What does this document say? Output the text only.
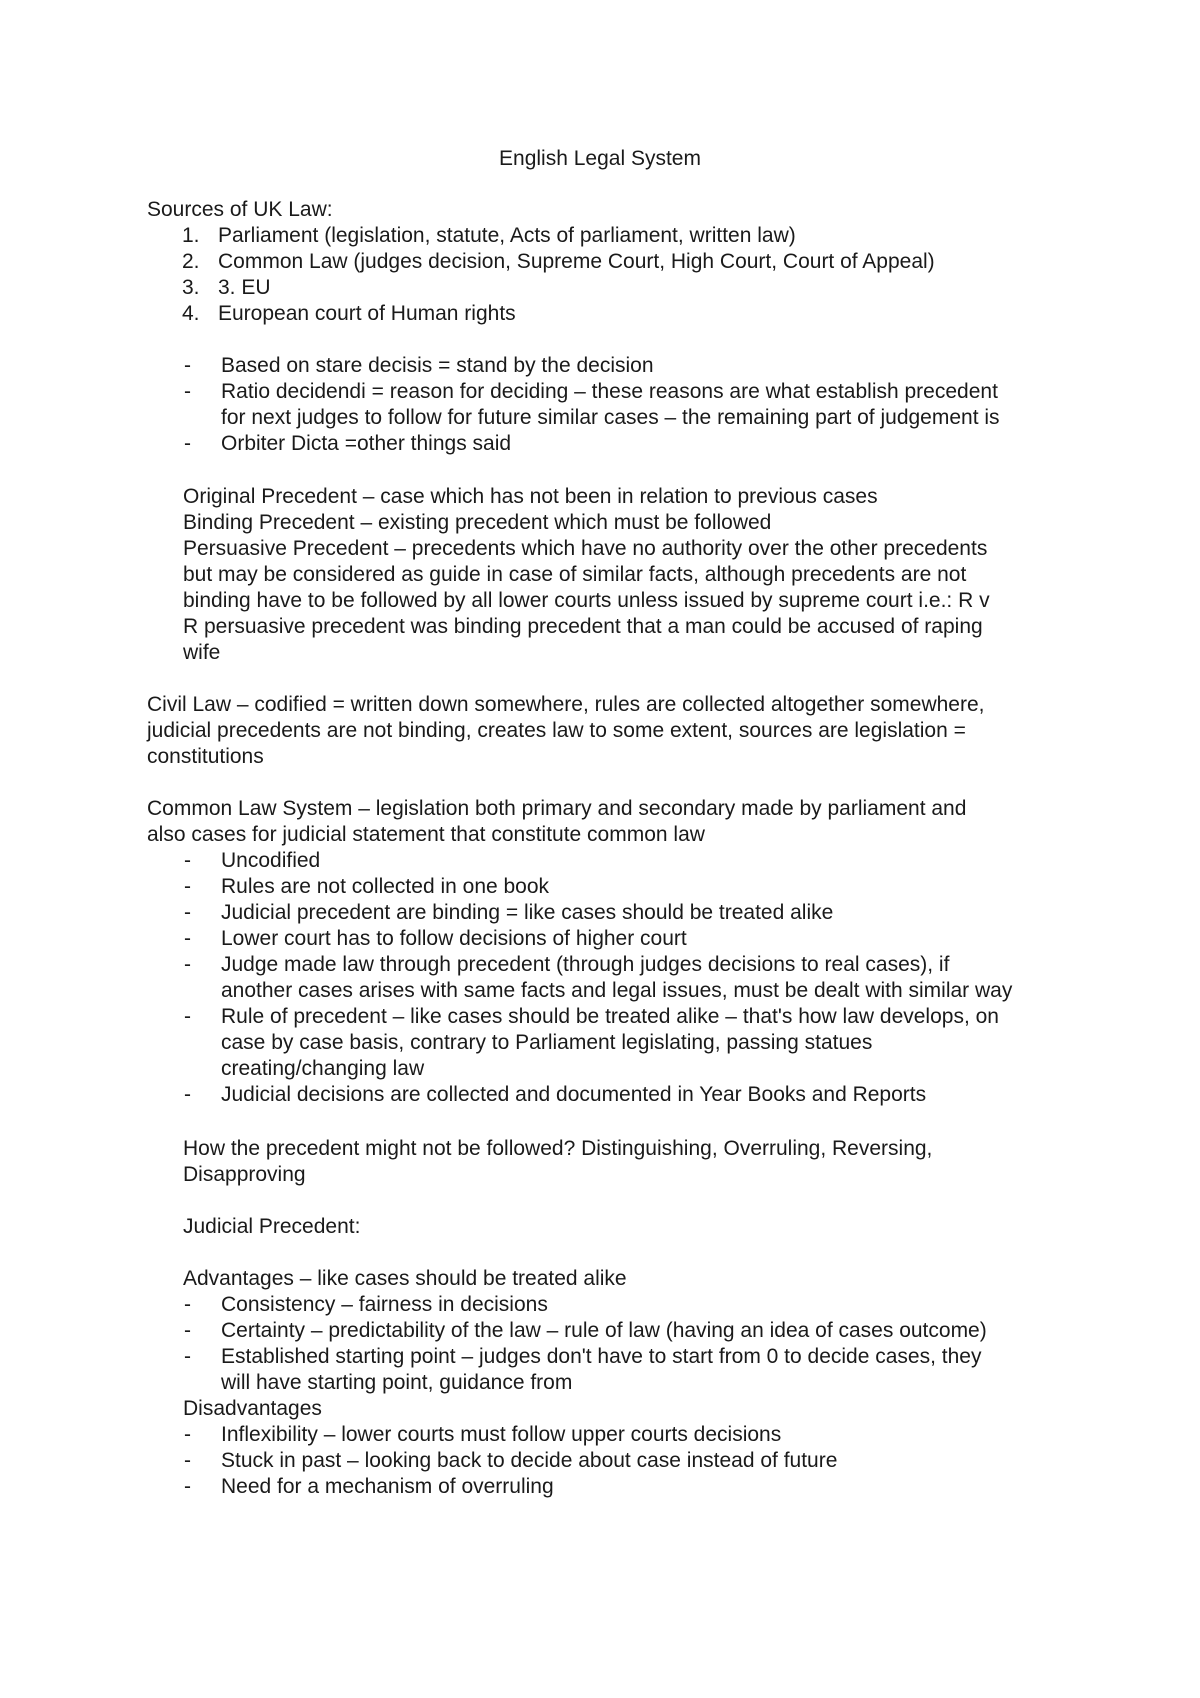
English Legal System

Sources of UK Law:

1. Parliament (legislation, statute, Acts of parliament, written law)
2. Common Law (judges decision, Supreme Court, High Court, Court of Appeal)
3. 3. EU
4. European court of Human rights
-	Based on stare decisis = stand by the decision
-	Ratio decidendi = reason for deciding – these reasons are what establish precedent
for next judges to follow for future similar cases – the remaining part of judgement is
-	Orbiter Dicta =other things said

Original Precedent – case which has not been in relation to previous cases

Binding Precedent – existing precedent which must be followed

Persuasive Precedent – precedents which have no authority over the other precedents

but may be considered as guide in case of similar facts, although precedents are not

binding have to be followed by all lower courts unless issued by supreme court i.e.: R v

R persuasive precedent was binding precedent that a man could be accused of raping

wife

Civil Law – codified = written down somewhere, rules are collected altogether somewhere,

judicial precedents are not binding, creates law to some extent, sources are legislation =

constitutions

Common Law System – legislation both primary and secondary made by parliament and

also cases for judicial statement that constitute common law

-	Uncodified
-	Rules are not collected in one book
-	Judicial precedent are binding = like cases should be treated alike
-	Lower court has to follow decisions of higher court
-	Judge made law through precedent (through judges decisions to real cases), if
another cases arises with same facts and legal issues, must be dealt with similar way
-	Rule of precedent – like cases should be treated alike – that's how law develops, on
case by case basis, contrary to Parliament legislating, passing statues
creating/changing law
-	Judicial decisions are collected and documented in Year Books and Reports

How the precedent might not be followed? Distinguishing, Overruling, Reversing,

Disapproving

Judicial Precedent:

Advantages – like cases should be treated alike

-	Consistency – fairness in decisions
-	Certainty – predictability of the law – rule of law (having an idea of cases outcome)
-	Established starting point – judges don't have to start from 0 to decide cases, they
will have starting point, guidance from

Disadvantages

-	Inflexibility – lower courts must follow upper courts decisions
-	Stuck in past – looking back to decide about case instead of future
-	Need for a mechanism of overruling
